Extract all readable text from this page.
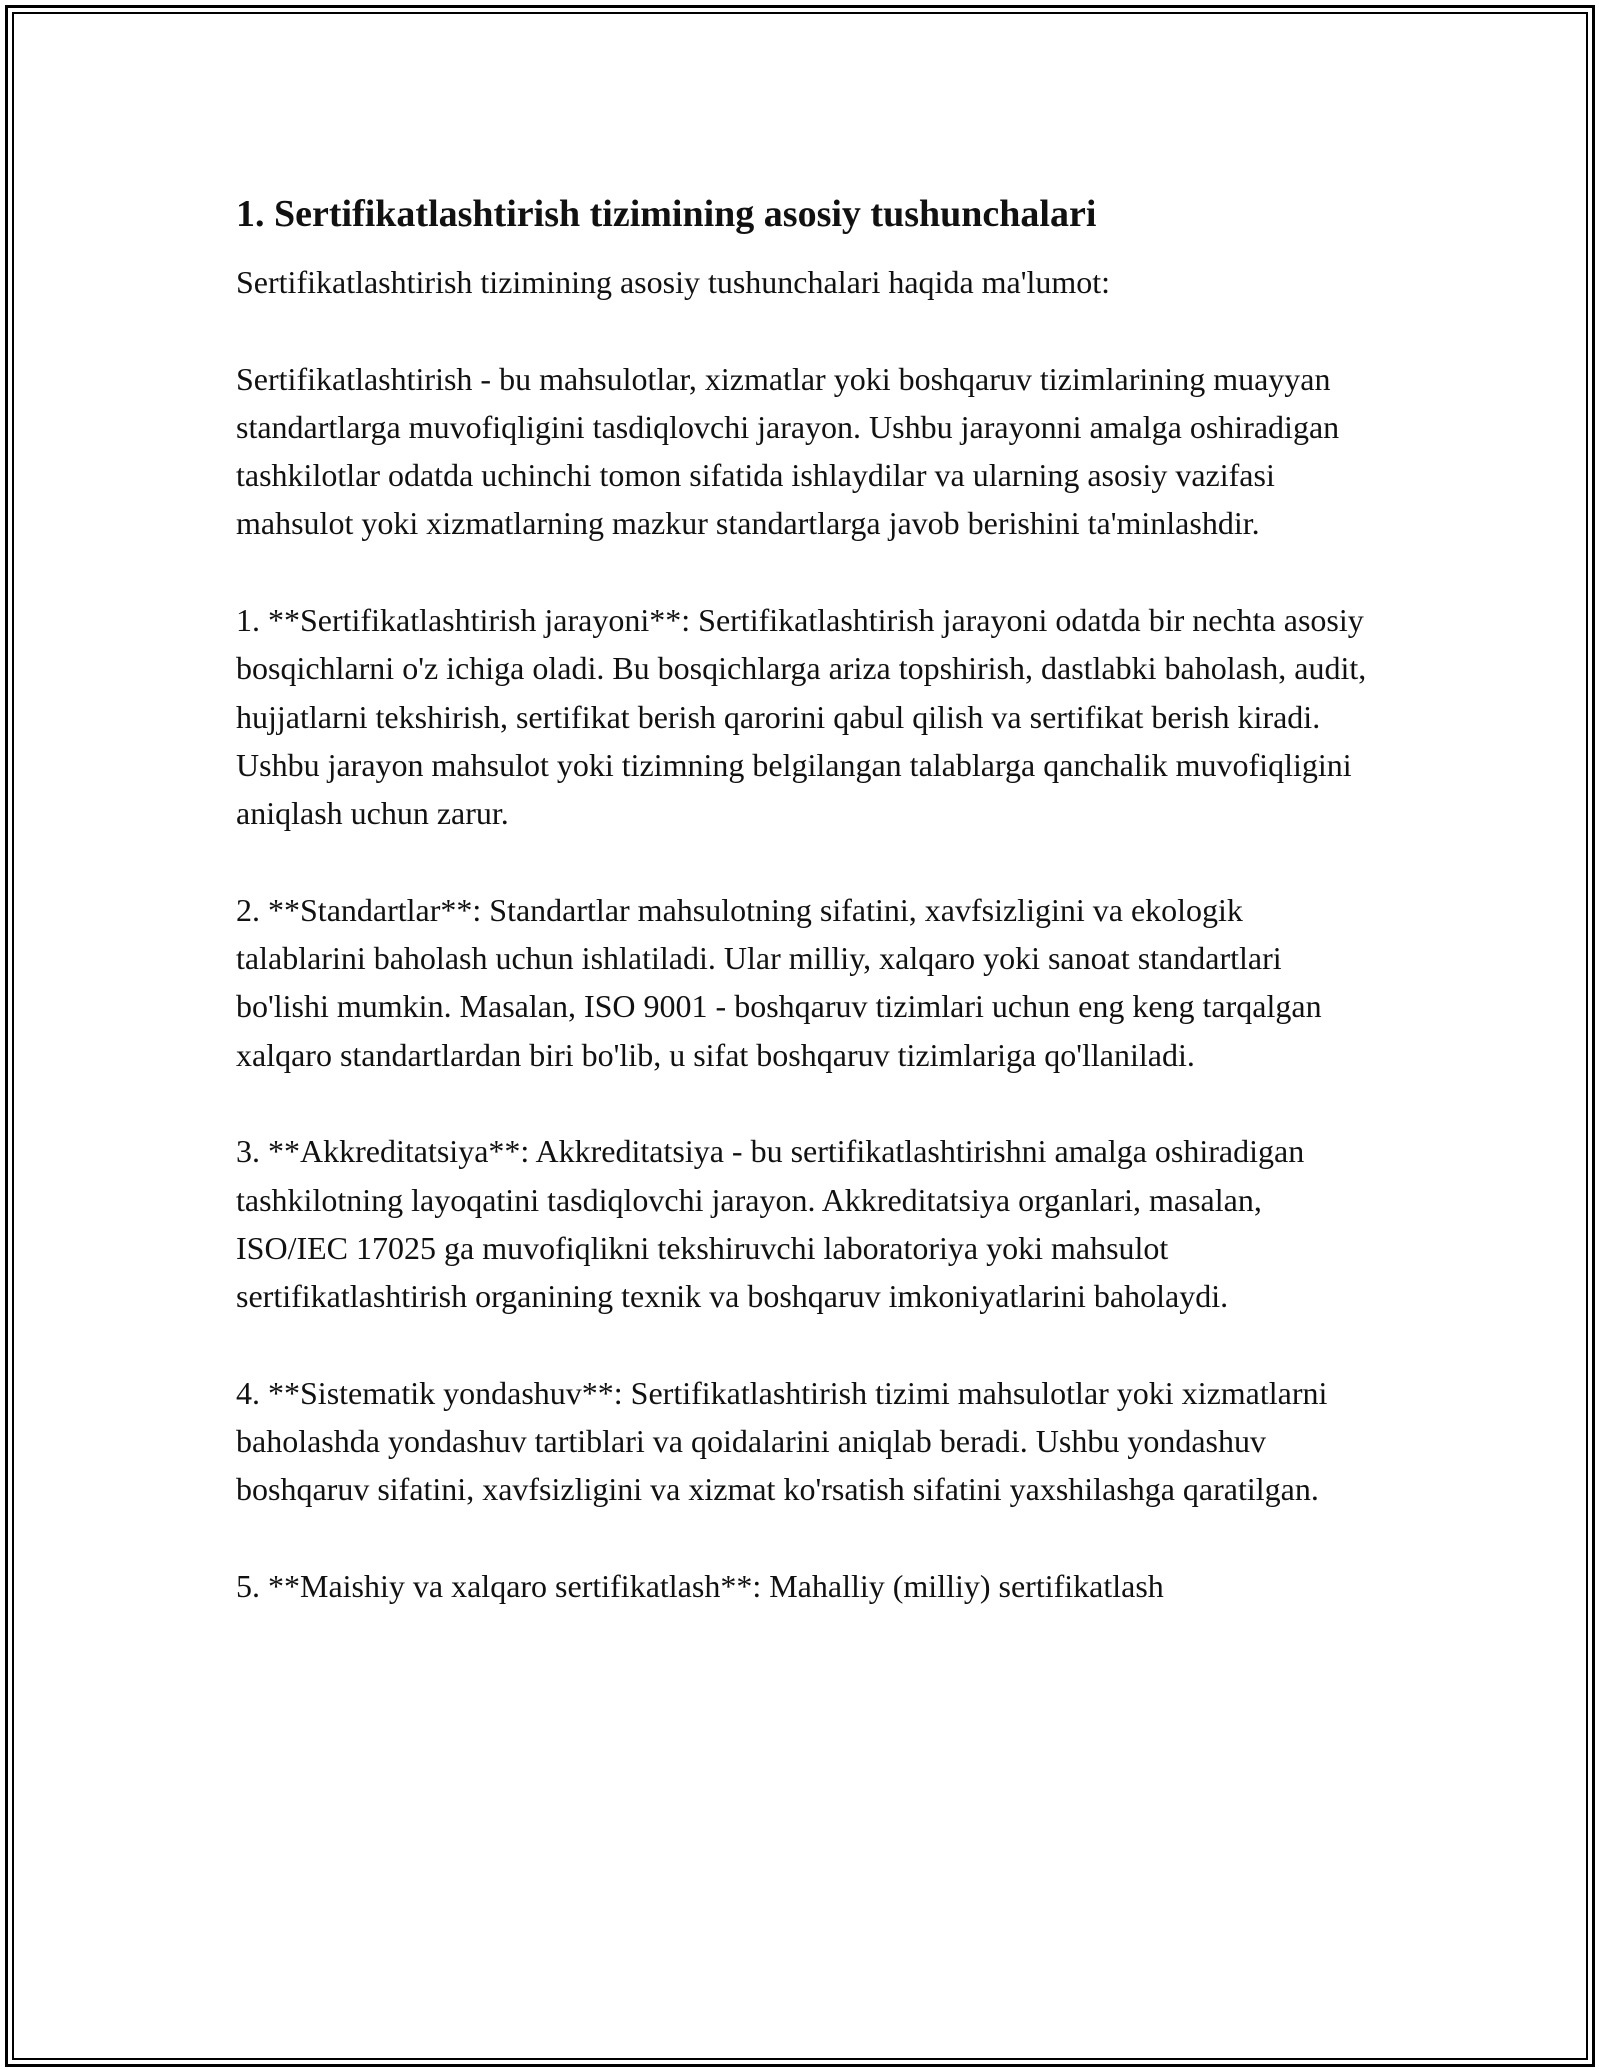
1. Sertifikatlashtirish tizimining asosiy tushunchalari

Sertifikatlashtirish tizimining asosiy tushunchalari haqida ma'lumot:

Sertifikatlashtirish - bu mahsulotlar, xizmatlar yoki boshqaruv tizimlarining muayyan standartlarga muvofiqligini tasdiqlovchi jarayon. Ushbu jarayonni amalga oshiradigan tashkilotlar odatda uchinchi tomon sifatida ishlaydilar va ularning asosiy vazifasi mahsulot yoki xizmatlarning mazkur standartlarga javob berishini ta'minlashdir.

1. **Sertifikatlashtirish jarayoni**: Sertifikatlashtirish jarayoni odatda bir nechta asosiy bosqichlarni o'z ichiga oladi. Bu bosqichlarga ariza topshirish, dastlabki baholash, audit, hujjatlarni tekshirish, sertifikat berish qarorini qabul qilish va sertifikat berish kiradi. Ushbu jarayon mahsulot yoki tizimning belgilangan talablarga qanchalik muvofiqligini aniqlash uchun zarur.

2. **Standartlar**: Standartlar mahsulotning sifatini, xavfsizligini va ekologik talablarini baholash uchun ishlatiladi. Ular milliy, xalqaro yoki sanoat standartlari bo'lishi mumkin. Masalan, ISO 9001 - boshqaruv tizimlari uchun eng keng tarqalgan xalqaro standartlardan biri bo'lib, u sifat boshqaruv tizimlariga qo'llaniladi.

3. **Akkreditatsiya**: Akkreditatsiya - bu sertifikatlashtirishni amalga oshiradigan tashkilotning layoqatini tasdiqlovchi jarayon. Akkreditatsiya organlari, masalan, ISO/IEC 17025 ga muvofiqlikni tekshiruvchi laboratoriya yoki mahsulot sertifikatlashtirish organining texnik va boshqaruv imkoniyatlarini baholaydi.

4. **Sistematik yondashuv**: Sertifikatlashtirish tizimi mahsulotlar yoki xizmatlarni baholashda yondashuv tartiblari va qoidalarini aniqlab beradi. Ushbu yondashuv boshqaruv sifatini, xavfsizligini va xizmat ko'rsatish sifatini yaxshilashga qaratilgan.

5. **Maishiy va xalqaro sertifikatlash**: Mahalliy (milliy) sertifikatlash
